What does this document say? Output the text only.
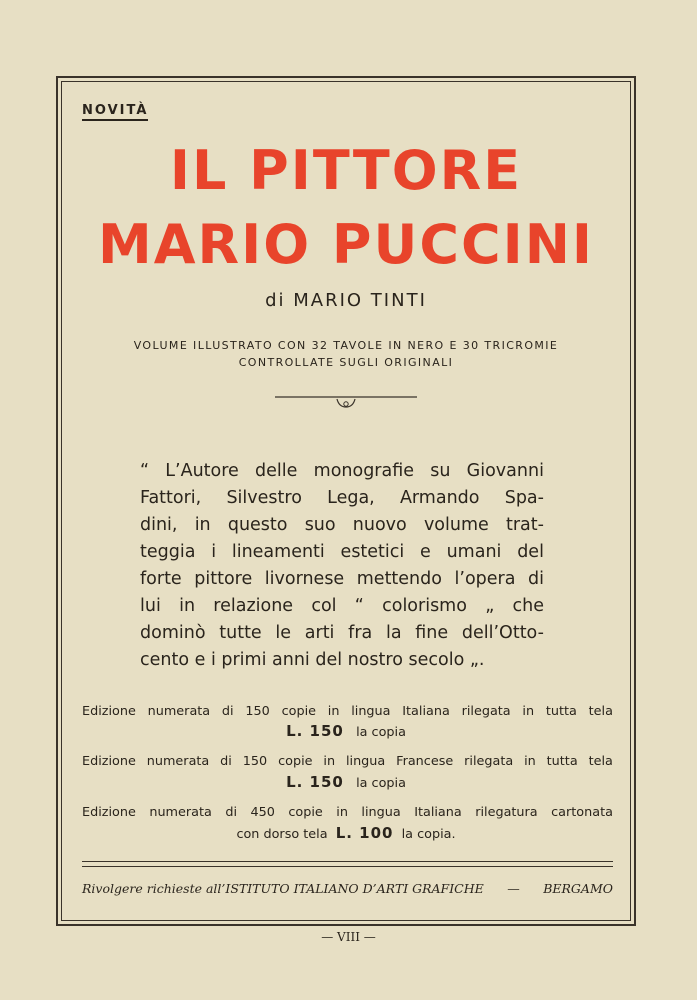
NOVITÀ
IL PITTORE
MARIO PUCCINI
di MARIO TINTI
VOLUME ILLUSTRATO CON 32 TAVOLE IN NERO E 30 TRICROMIE
CONTROLLATE SUGLI ORIGINALI
“ L’Autore delle monografie su Giovanni
Fattori, Silvestro Lega, Armando Spa-
dini, in questo suo nuovo volume trat-
teggia i lineamenti estetici e umani del
forte pittore livornese mettendo l’opera di
lui in relazione col “ colorismo „ che
dominò tutte le arti fra la fine dell’Otto-
cento e i primi anni del nostro secolo „.
Edizione numerata di 150 copie in lingua Italiana rilegata in tutta tela
L. 150 la copia
Edizione numerata di 150 copie in lingua Francese rilegata in tutta tela
L. 150 la copia
Edizione numerata di 450 copie in lingua Italiana rilegatura cartonata
con dorso tela L. 100 la copia.
Rivolgere richieste all’ISTITUTO ITALIANO D’ARTI GRAFICHE — BERGAMO
— VIII —
